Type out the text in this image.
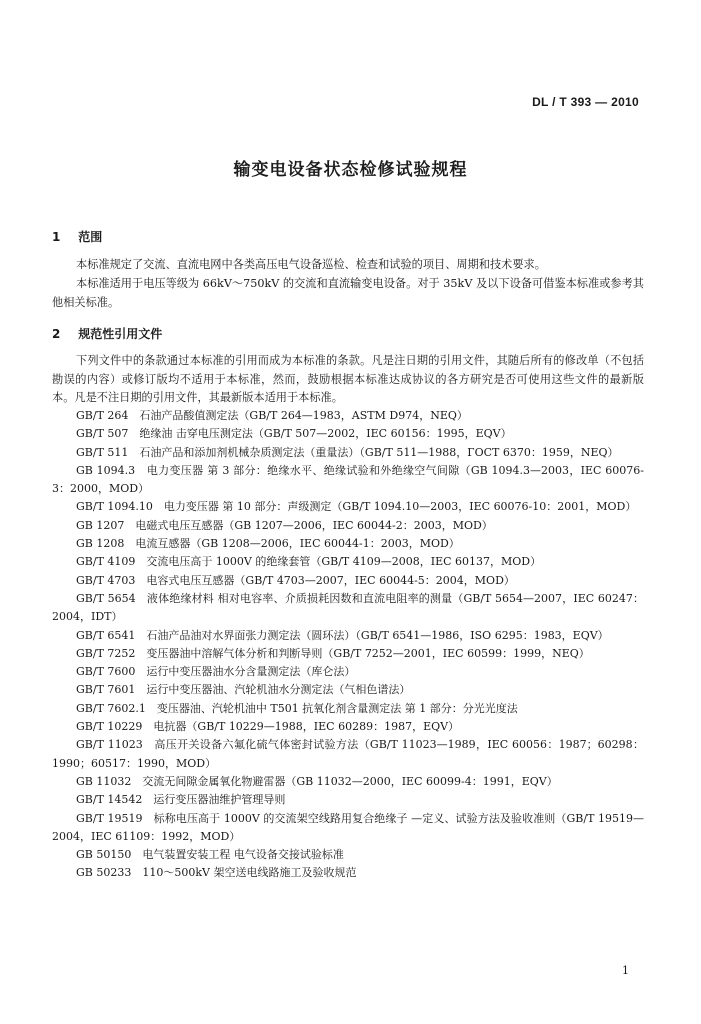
DL / T 393 — 2010
输变电设备状态检修试验规程
1 范围
本标准规定了交流、直流电网中各类高压电气设备巡检、检查和试验的项目、周期和技术要求。
本标准适用于电压等级为 66kV～750kV 的交流和直流输变电设备。对于 35kV 及以下设备可借鉴本标准或参考其他相关标准。
2 规范性引用文件
下列文件中的条款通过本标准的引用而成为本标准的条款。凡是注日期的引用文件，其随后所有的修改单（不包括勘误的内容）或修订版均不适用于本标准，然而，鼓励根据本标准达成协议的各方研究是否可使用这些文件的最新版本。凡是不注日期的引用文件，其最新版本适用于本标准。

GB/T 264　石油产品酸值测定法（GB/T 264—1983，ASTM D974，NEQ）

GB/T 507　绝缘油 击穿电压测定法（GB/T 507—2002，IEC 60156：1995，EQV）

GB/T 511　石油产品和添加剂机械杂质测定法（重量法）（GB/T 511—1988，ГОСТ 6370：1959，NEQ）

GB 1094.3　电力变压器 第 3 部分：绝缘水平、绝缘试验和外绝缘空气间隙（GB 1094.3—2003，IEC 60076-3：2000，MOD）

GB/T 1094.10　电力变压器 第 10 部分：声级测定（GB/T 1094.10—2003，IEC 60076-10：2001，MOD）

GB 1207　电磁式电压互感器（GB 1207—2006，IEC 60044-2：2003，MOD）

GB 1208　电流互感器（GB 1208—2006，IEC 60044-1：2003，MOD）

GB/T 4109　交流电压高于 1000V 的绝缘套管（GB/T 4109—2008，IEC 60137，MOD）

GB/T 4703　电容式电压互感器（GB/T 4703—2007，IEC 60044-5：2004，MOD）

GB/T 5654　液体绝缘材料 相对电容率、介质损耗因数和直流电阻率的测量（GB/T 5654—2007，IEC 60247：2004，IDT）

GB/T 6541　石油产品油对水界面张力测定法（圆环法）（GB/T 6541—1986，ISO 6295：1983，EQV）

GB/T 7252　变压器油中溶解气体分析和判断导则（GB/T 7252—2001，IEC 60599：1999，NEQ）

GB/T 7600　运行中变压器油水分含量测定法（库仑法）

GB/T 7601　运行中变压器油、汽轮机油水分测定法（气相色谱法）

GB/T 7602.1　变压器油、汽轮机油中 T501 抗氧化剂含量测定法 第 1 部分：分光光度法

GB/T 10229　电抗器（GB/T 10229—1988，IEC 60289：1987，EQV）

GB/T 11023　高压开关设备六氟化硫气体密封试验方法（GB/T 11023—1989，IEC 60056：1987；60298：1990；60517：1990，MOD）

GB 11032　交流无间隙金属氧化物避雷器（GB 11032—2000，IEC 60099-4：1991，EQV）

GB/T 14542　运行变压器油维护管理导则

GB/T 19519　标称电压高于 1000V 的交流架空线路用复合绝缘子 —定义、试验方法及验收准则（GB/T 19519—2004，IEC 61109：1992，MOD）

GB 50150　电气装置安装工程 电气设备交接试验标准

GB 50233　110～500kV 架空送电线路施工及验收规范

1
